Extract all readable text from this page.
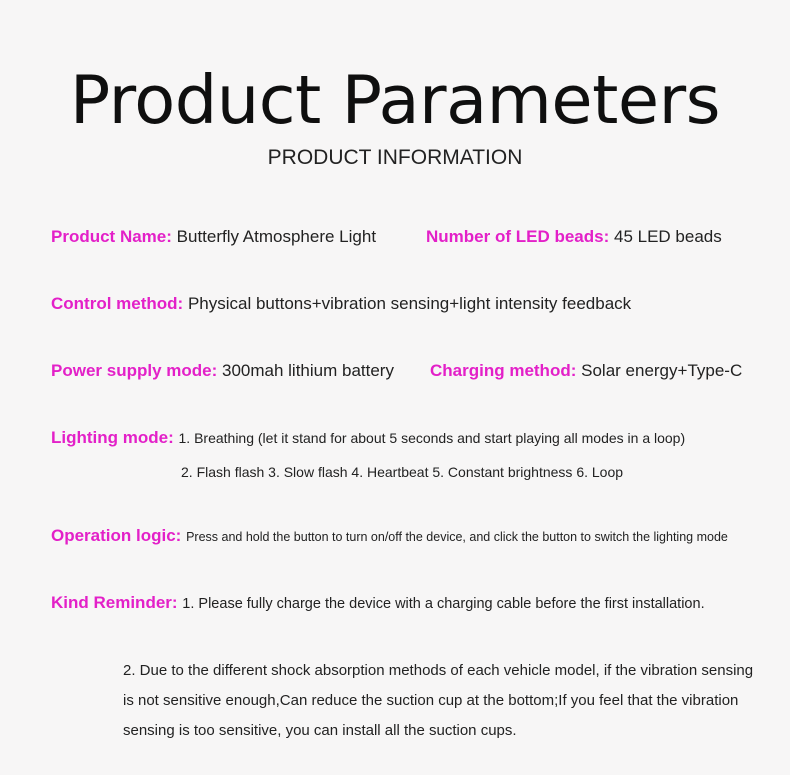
Product Parameters
PRODUCT INFORMATION
Product Name: Butterfly Atmosphere Light	Number of LED beads: 45 LED beads
Control method: Physical buttons+vibration sensing+light intensity feedback
Power supply mode: 300mah lithium battery Charging method: Solar energy+Type-C
Lighting mode: 1. Breathing (let it stand for about 5 seconds and start playing all modes in a loop)
2. Flash flash 3. Slow flash 4. Heartbeat 5. Constant brightness 6. Loop
Operation logic: Press and hold the button to turn on/off the device, and click the button to switch the lighting mode
Kind Reminder: 1. Please fully charge the device with a charging cable before the first installation.
2. Due to the different shock absorption methods of each vehicle model, if the vibration sensing is not sensitive enough,Can reduce the suction cup at the bottom;If you feel that the vibration sensing is too sensitive, you can install all the suction cups.
